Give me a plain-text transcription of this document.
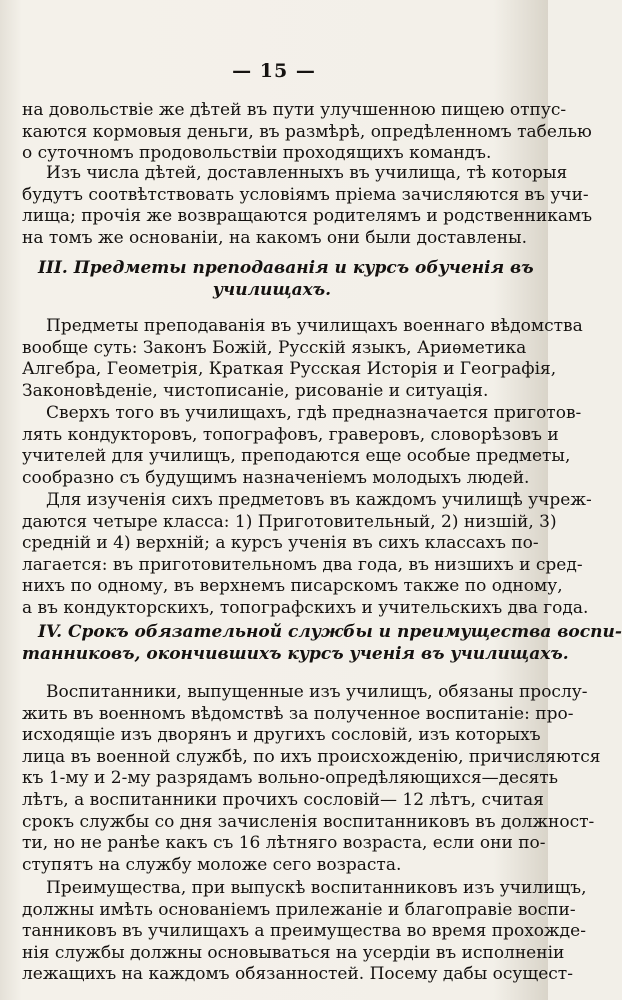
— 15 —
на довольствіе же дѣтей въ пути улучшенною пищею отпус-
каются кормовыя деньги, въ размѣрѣ, опредѣленномъ табелью
о суточномъ продовольствіи проходящихъ командъ.
Изъ числа дѣтей, доставленныхъ въ училища, тѣ которыя
будутъ соотвѣтствовать условіямъ пріема зачисляются въ учи-
лища; прочія же возвращаются родителямъ и родственникамъ
на томъ же основаніи, на какомъ они были доставлены.
III. Предметы преподаванія и курсъ обученія въ
училищахъ.
Предметы преподаванія въ училищахъ военнаго вѣдомства
вообще суть: Законъ Божій, Русскій языкъ, Ариѳметика
Алгебра, Геометрія, Краткая Русская Исторія и Географія,
Законовѣденіе, чистописаніе, рисованіе и ситуація.
Сверхъ того въ училищахъ, гдѣ предназначается приготов-
лять кондукторовъ, топографовъ, граверовъ, словорѣзовъ и
учителей для училищъ, преподаются еще особые предметы,
сообразно съ будущимъ назначеніемъ молодыхъ людей.
Для изученія сихъ предметовъ въ каждомъ училищѣ учреж-
даются четыре класса: 1) Приготовительный, 2) низшій, 3)
средній и 4) верхній; а курсъ ученія въ сихъ классахъ по-
лагается: въ приготовительномъ два года, въ низшихъ и сред-
нихъ по одному, въ верхнемъ писарскомъ также по одному,
а въ кондукторскихъ, топографскихъ и учительскихъ два года.
IV. Срокъ обязательной службы и преимущества воспи-
танниковъ, окончившихъ курсъ ученія въ училищахъ.
Воспитанники, выпущенные изъ училищъ, обязаны прослу-
жить въ военномъ вѣдомствѣ за полученное воспитаніе: про-
исходящіе изъ дворянъ и другихъ сословій, изъ которыхъ
лица въ военной службѣ, по ихъ происхожденію, причисляются
къ 1-му и 2-му разрядамъ вольно-опредѣляющихся—десять
лѣтъ, а воспитанники прочихъ сословій— 12 лѣтъ, считая
срокъ службы со дня зачисленія воспитанниковъ въ должност-
ти, но не ранѣе какъ съ 16 лѣтняго возраста, если они по-
ступятъ на службу моложе сего возраста.
Преимущества, при выпускѣ воспитанниковъ изъ училищъ,
должны имѣть основаніемъ прилежаніе и благоправіе воспи-
танниковъ въ училищахъ а преимущества во время прохожде-
нія службы должны основываться на усердіи въ исполненіи
лежащихъ на каждомъ обязанностей. Посему дабы осущест-
